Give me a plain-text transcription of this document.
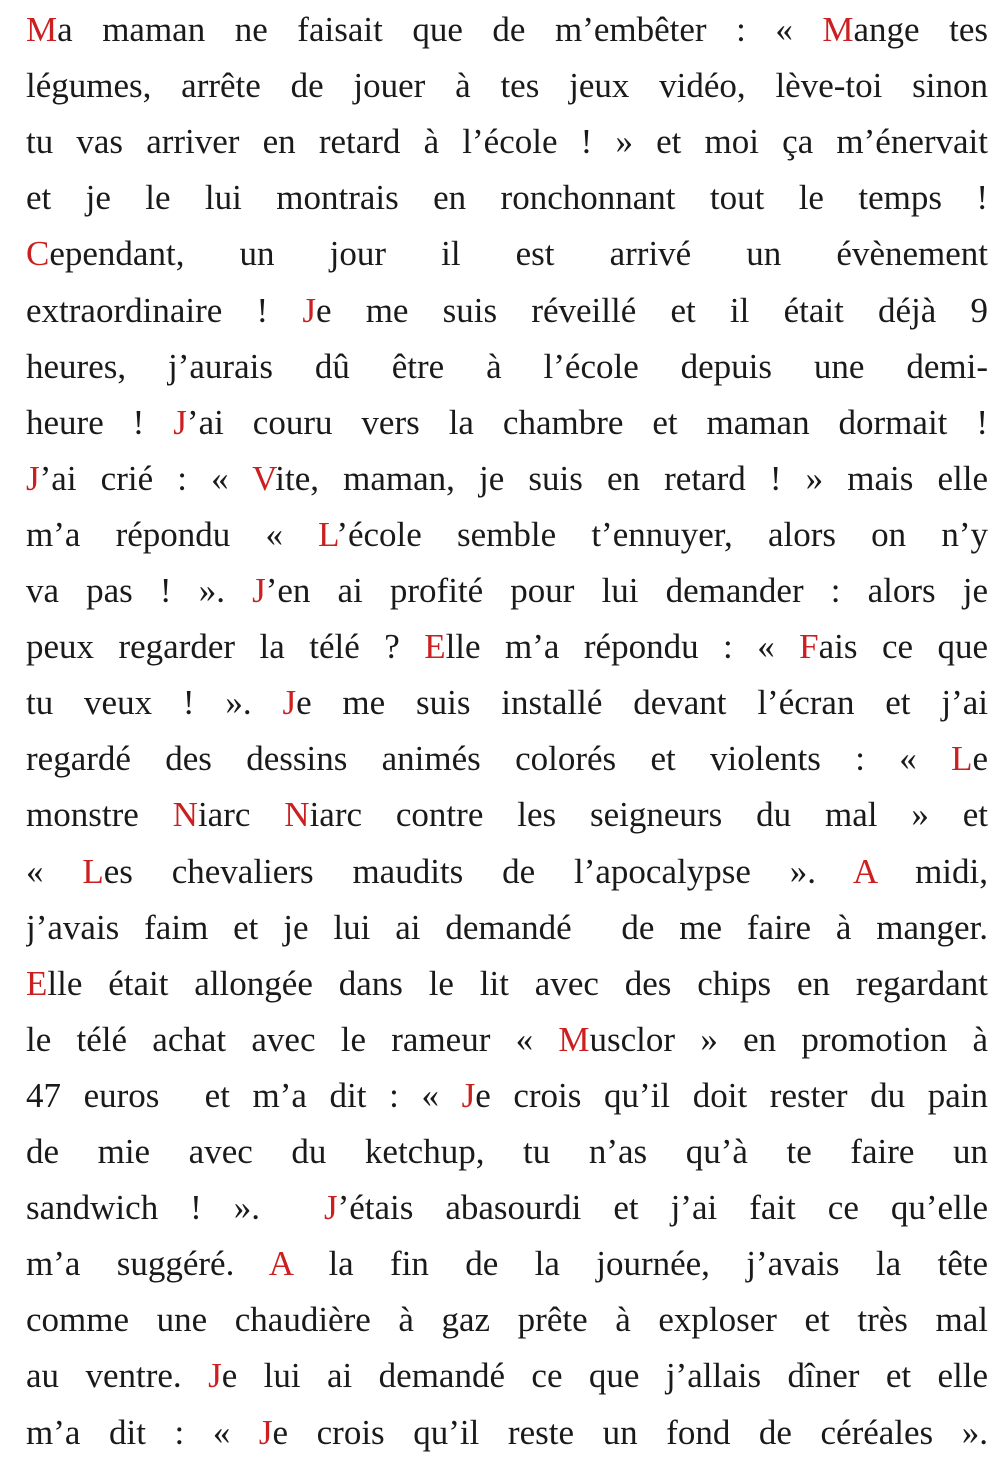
Ma maman ne faisait que de m’embêter : « Mange tes
légumes, arrête de jouer à tes jeux vidéo, lève-toi sinon
tu vas arriver en retard à l’école ! » et moi ça m’énervait
et je le lui montrais en ronchonnant tout le temps !
Cependant, un jour il est arrivé un évènement
extraordinaire ! Je me suis réveillé et il était déjà 9
heures, j’aurais dû être à l’école depuis une demi-
heure ! J’ai couru vers la chambre et maman dormait !
J’ai crié : « Vite, maman, je suis en retard ! » mais elle
m’a répondu « L’école semble t’ennuyer, alors on n’y
va pas ! ». J’en ai profité pour lui demander : alors je
peux regarder la télé ? Elle m’a répondu : « Fais ce que
tu veux ! ». Je me suis installé devant l’écran et j’ai
regardé des dessins animés colorés et violents : « Le
monstre Niarc Niarc contre les seigneurs du mal » et
« Les chevaliers maudits de l’apocalypse ». A midi,
j’avais faim et je lui ai demandé  de me faire à manger.
Elle était allongée dans le lit avec des chips en regardant
le télé achat avec le rameur « Musclor » en promotion à
47 euros  et m’a dit : « Je crois qu’il doit rester du pain
de mie avec du ketchup, tu n’as qu’à te faire un
sandwich ! ».  J’étais abasourdi et j’ai fait ce qu’elle
m’a suggéré. A la fin de la journée, j’avais la tête
comme une chaudière à gaz prête à exploser et très mal
au ventre. Je lui ai demandé ce que j’allais dîner et elle
m’a dit : « Je crois qu’il reste un fond de céréales ».
